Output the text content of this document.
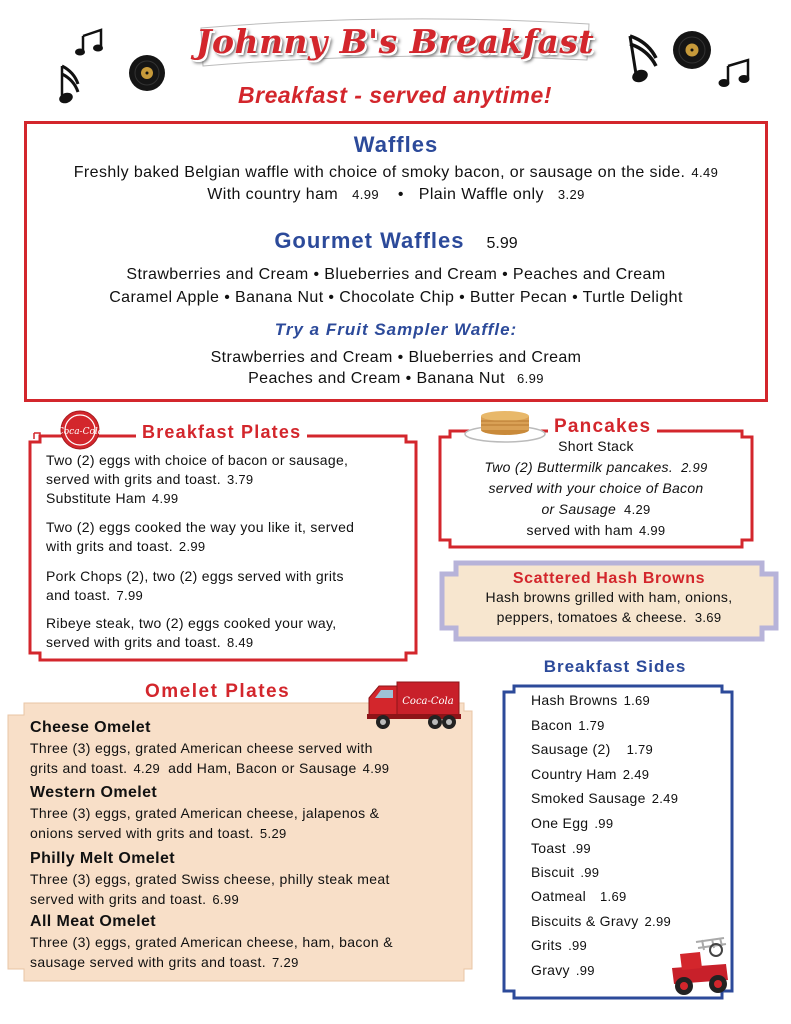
Johnny B's Breakfast
Breakfast - served anytime!
Waffles
Freshly baked Belgian waffle with choice of smoky bacon, or sausage on the side. 4.49
With country ham 4.99 • Plain Waffle only 3.29
Gourmet Waffles 5.99
Strawberries and Cream • Blueberries and Cream • Peaches and Cream
Caramel Apple • Banana Nut • Chocolate Chip • Butter Pecan • Turtle Delight
Try a Fruit Sampler Waffle:
Strawberries and Cream • Blueberries and Cream
Peaches and Cream • Banana Nut 6.99
Coca-Cola	Breakfast Plates
Two (2) eggs with choice of bacon or sausage,
served with grits and toast. 3.79
Substitute Ham 4.99
Two (2) eggs cooked the way you like it, served
with grits and toast. 2.99
Pork Chops (2), two (2) eggs served with grits
and toast. 7.99
Ribeye steak, two (2) eggs cooked your way,
served with grits and toast. 8.49
Short Stack
Two (2) Buttermilk pancakes. 2.99
served with your choice of Bacon
or Sausage 4.29
served with ham 4.99
Pancakes
Scattered Hash Browns
Hash browns grilled with ham, onions,
peppers, tomatoes & cheese. 3.69
Breakfast Sides
Hash Browns 1.69
Bacon 1.79
Sausage (2) 1.79
Country Ham 2.49
Smoked Sausage 2.49
One Egg .99
Toast .99
Biscuit .99
Oatmeal 1.69
Biscuits & Gravy 2.99
Grits .99
Gravy .99
Omelet Plates	Coca-Cola
Cheese Omelet
Three (3) eggs, grated American cheese served with
grits and toast. 4.29 add Ham, Bacon or Sausage 4.99
Western Omelet
Three (3) eggs, grated American cheese, jalapenos &
onions served with grits and toast. 5.29
Philly Melt Omelet
Three (3) eggs, grated Swiss cheese, philly steak meat
served with grits and toast. 6.99
All Meat Omelet
Three (3) eggs, grated American cheese, ham, bacon &
sausage served with grits and toast. 7.29
